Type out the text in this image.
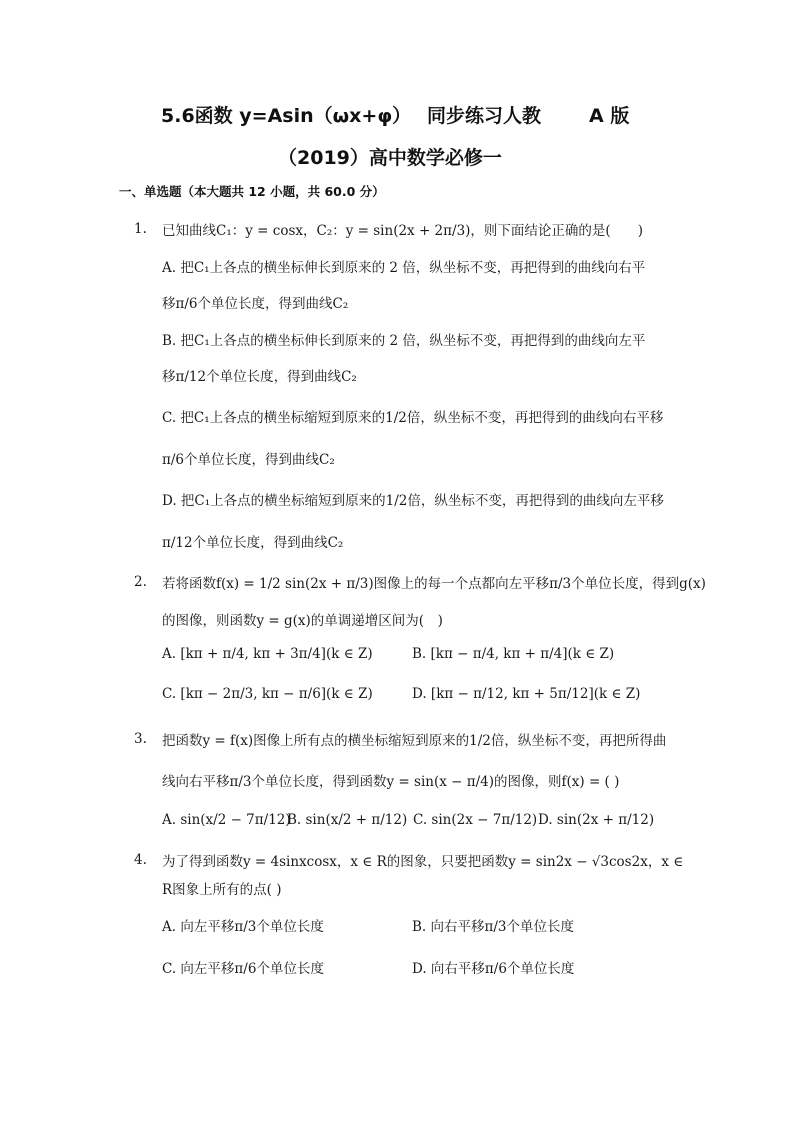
5.6函数 y=Asin（ωx+φ） 同步练习人教	A 版
（2019）高中数学必修一
一、单选题（本大题共 12 小题，共 60.0 分）
1. 已知曲线C₁：y = cosx，C₂：y = sin(2x + 2π/3)，则下面结论正确的是(　　)
A. 把C₁上各点的横坐标伸长到原来的 2 倍，纵坐标不变，再把得到的曲线向右平
移π/6个单位长度，得到曲线C₂
B. 把C₁上各点的横坐标伸长到原来的 2 倍，纵坐标不变，再把得到的曲线向左平
移π/12个单位长度，得到曲线C₂
C. 把C₁上各点的横坐标缩短到原来的1/2倍，纵坐标不变，再把得到的曲线向右平移
π/6个单位长度，得到曲线C₂
D. 把C₁上各点的横坐标缩短到原来的1/2倍，纵坐标不变，再把得到的曲线向左平移
π/12个单位长度，得到曲线C₂
2. 若将函数f(x) = 1/2 sin(2x + π/3)图像上的每一个点都向左平移π/3个单位长度，得到g(x)
的图像，则函数y = g(x)的单调递增区间为(　)
A. [kπ + π/4, kπ + 3π/4](k ∈ Z)	B. [kπ − π/4, kπ + π/4](k ∈ Z)
C. [kπ − 2π/3, kπ − π/6](k ∈ Z)	D. [kπ − π/12, kπ + 5π/12](k ∈ Z)
3. 把函数y = f(x)图像上所有点的横坐标缩短到原来的1/2倍，纵坐标不变，再把所得曲
线向右平移π/3个单位长度，得到函数y = sin(x − π/4)的图像，则f(x) = ( )
A. sin(x/2 − 7π/12)
B. sin(x/2 + π/12) C. sin(2x − 7π/12) D. sin(2x + π/12)
4. 为了得到函数y = 4sinxcosx，x ∈ R的图象，只要把函数y = sin2x − √3cos2x，x ∈
R图象上所有的点( )
A. 向左平移π/3个单位长度	B. 向右平移π/3个单位长度
C. 向左平移π/6个单位长度	D. 向右平移π/6个单位长度
